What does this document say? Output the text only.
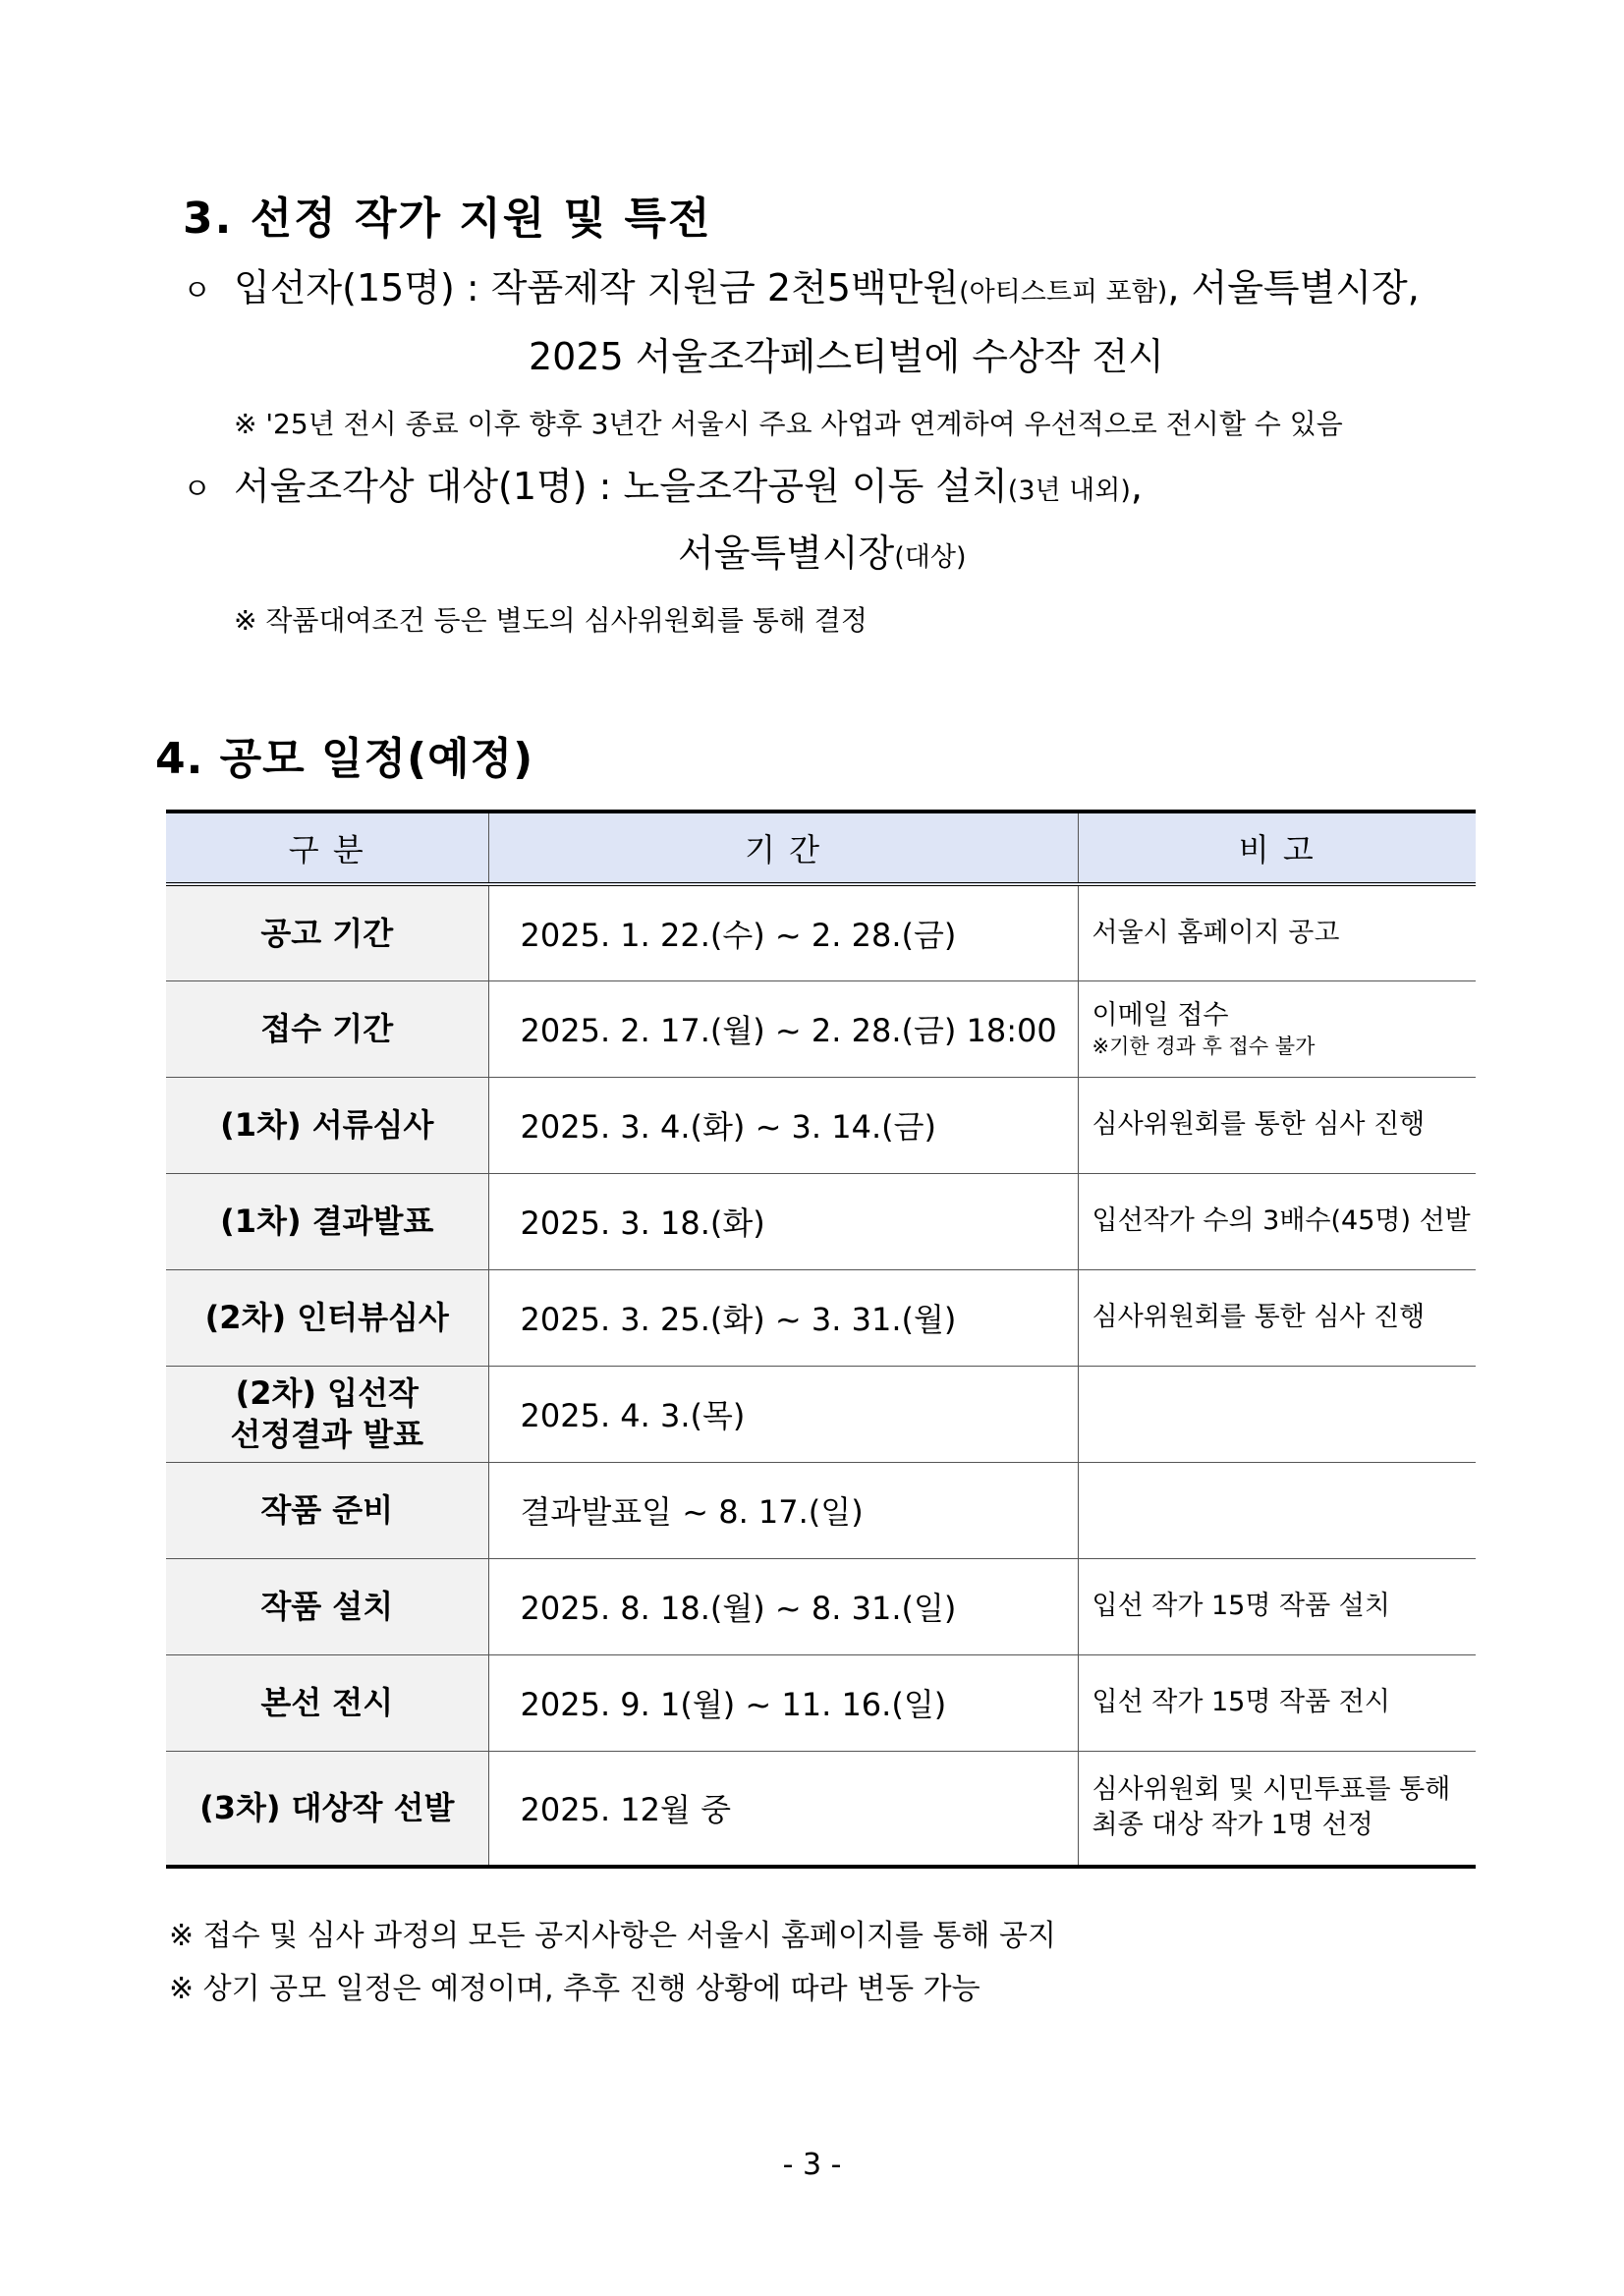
3. 선정 작가 지원 및 특전
ㅇ 입선자(15명) : 작품제작 지원금 2천5백만원(아티스트피 포함), 서울특별시장,
2025 서울조각페스티벌에 수상작 전시
※ '25년 전시 종료 이후 향후 3년간 서울시 주요 사업과 연계하여 우선적으로 전시할 수 있음
ㅇ 서울조각상 대상(1명) : 노을조각공원 이동 설치(3년 내외),
서울특별시장(대상)
※ 작품대여조건 등은 별도의 심사위원회를 통해 결정
4. 공모 일정(예정)
구 분	기 간	비 고
공고 기간	2025. 1. 22.(수) ~ 2. 28.(금)	서울시 홈페이지 공고
접수 기간	2025. 2. 17.(월) ~ 2. 28.(금) 18:00	이메일 접수
※기한 경과 후 접수 불가

(1차) 서류심사	2025. 3. 4.(화) ~ 3. 14.(금)	심사위원회를 통한 심사 진행
(1차) 결과발표	2025. 3. 18.(화)	입선작가 수의 3배수(45명) 선발
(2차) 인터뷰심사	2025. 3. 25.(화) ~ 3. 31.(월)	심사위원회를 통한 심사 진행

(2차) 입선작
선정결과 발표	2025. 4. 3.(목)	
작품 준비	결과발표일 ~ 8. 17.(일)	
작품 설치	2025. 8. 18.(월) ~ 8. 31.(일)	입선 작가 15명 작품 설치
본선 전시	2025. 9. 1(월) ~ 11. 16.(일)	입선 작가 15명 작품 전시
(3차) 대상작 선발	2025. 12월 중	심사위원회 및 시민투표를 통해
최종 대상 작가 1명 선정
※ 접수 및 심사 과정의 모든 공지사항은 서울시 홈페이지를 통해 공지
※ 상기 공모 일정은 예정이며, 추후 진행 상황에 따라 변동 가능
- 3 -
